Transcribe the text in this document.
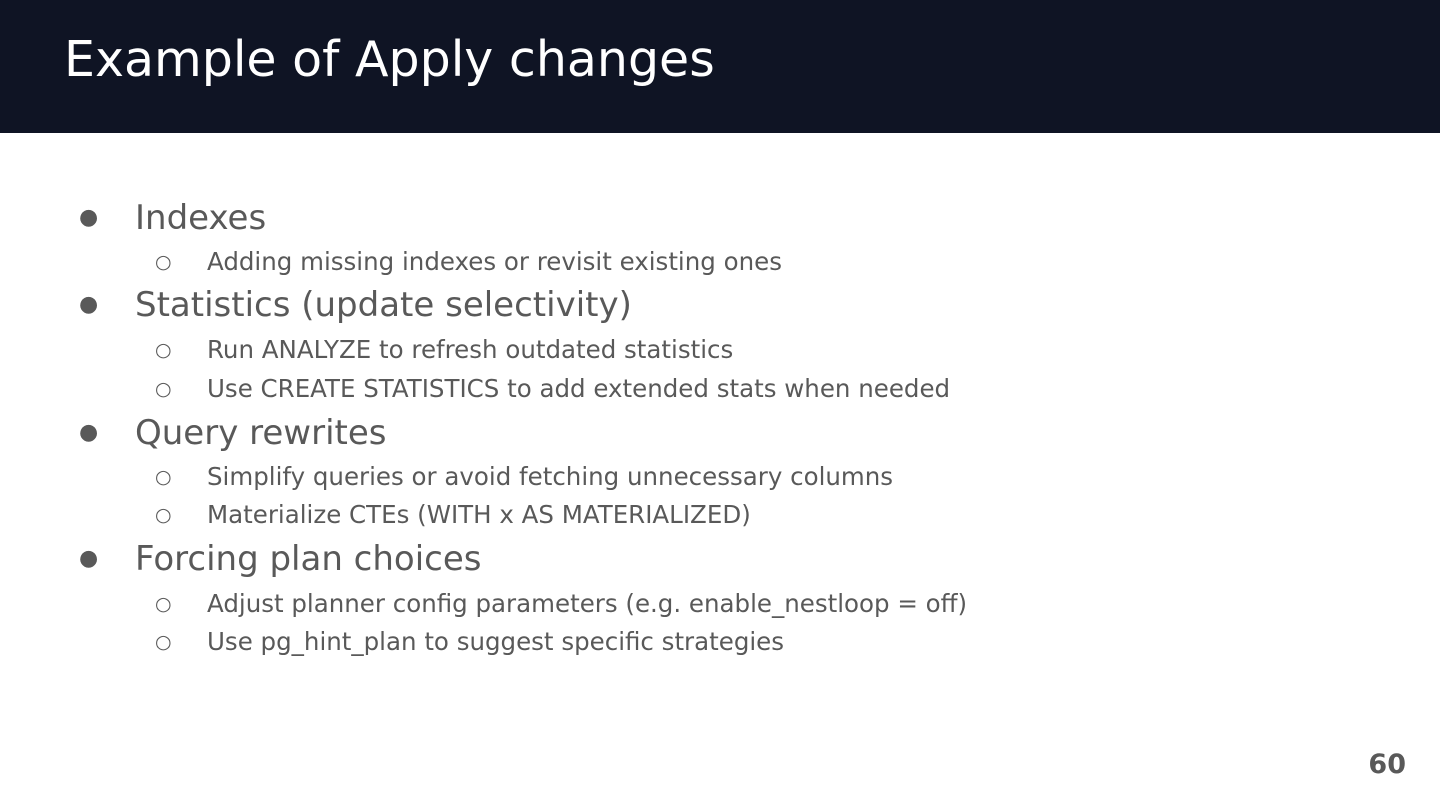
Example of Apply changes
● Indexes
○ Adding missing indexes or revisit existing ones
● Statistics (update selectivity)
○ Run ANALYZE to refresh outdated statistics
○ Use CREATE STATISTICS to add extended stats when needed
● Query rewrites
○ Simplify queries or avoid fetching unnecessary columns
○ Materialize CTEs (WITH x AS MATERIALIZED)
● Forcing plan choices
○ Adjust planner config parameters (e.g. enable_nestloop = off)
○ Use pg_hint_plan to suggest specific strategies
60
